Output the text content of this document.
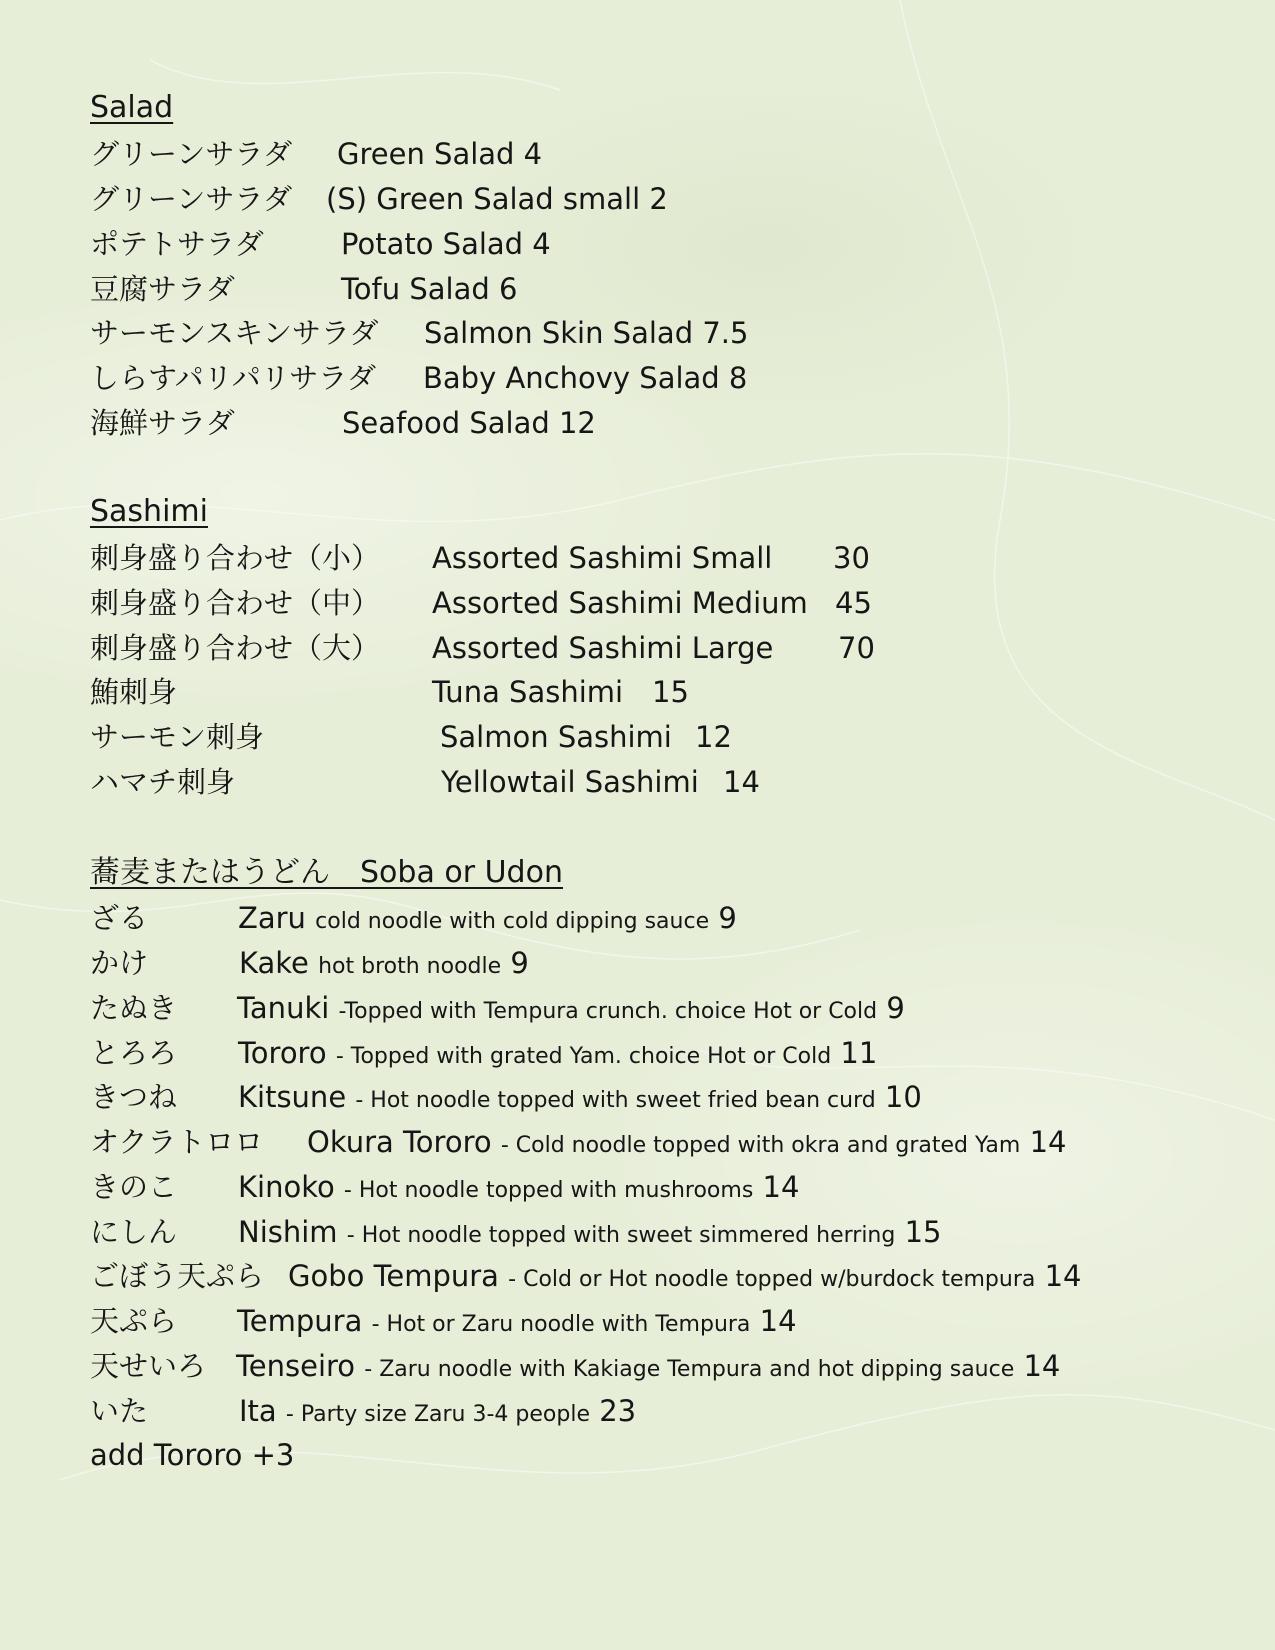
Salad
グリーンサラダ Green Salad 4
グリーンサラダ (S) Green Salad small 2
ポテトサラダ	Potato Salad 4
豆腐サラダ	Tofu Salad 6
サーモンスキンサラダ Salmon Skin Salad 7.5
しらすパリパリサラダ Baby Anchovy Salad 8
海鮮サラダ	Seafood Salad 12
Sashimi
刺身盛り合わせ（小） Assorted Sashimi Small 30
刺身盛り合わせ（中） Assorted Sashimi Medium 45
刺身盛り合わせ（大） Assorted Sashimi Large 70
鮪刺身	Tuna Sashimi 15
サーモン刺身	Salmon Sashimi 12
ハマチ刺身	Yellowtail Sashimi 14
蕎麦またはうどん　Soba or Udon
ざる	Zaru cold noodle with cold dipping sauce 9
かけ	Kake hot broth noodle 9
たぬき Tanuki -Topped with Tempura crunch. choice Hot or Cold 9
とろろ Tororo - Topped with grated Yam. choice Hot or Cold 11
きつね Kitsune - Hot noodle topped with sweet fried bean curd 10
オクラトロロ Okura Tororo - Cold noodle topped with okra and grated Yam 14
きのこ Kinoko - Hot noodle topped with mushrooms 14
にしん Nishim - Hot noodle topped with sweet simmered herring 15
ごぼう天ぷら Gobo Tempura - Cold or Hot noodle topped w/burdock tempura 14
天ぷら Tempura - Hot or Zaru noodle with Tempura 14
天せいろ Tenseiro - Zaru noodle with Kakiage Tempura and hot dipping sauce 14
いた	Ita - Party size Zaru 3-4 people 23
add Tororo +3
